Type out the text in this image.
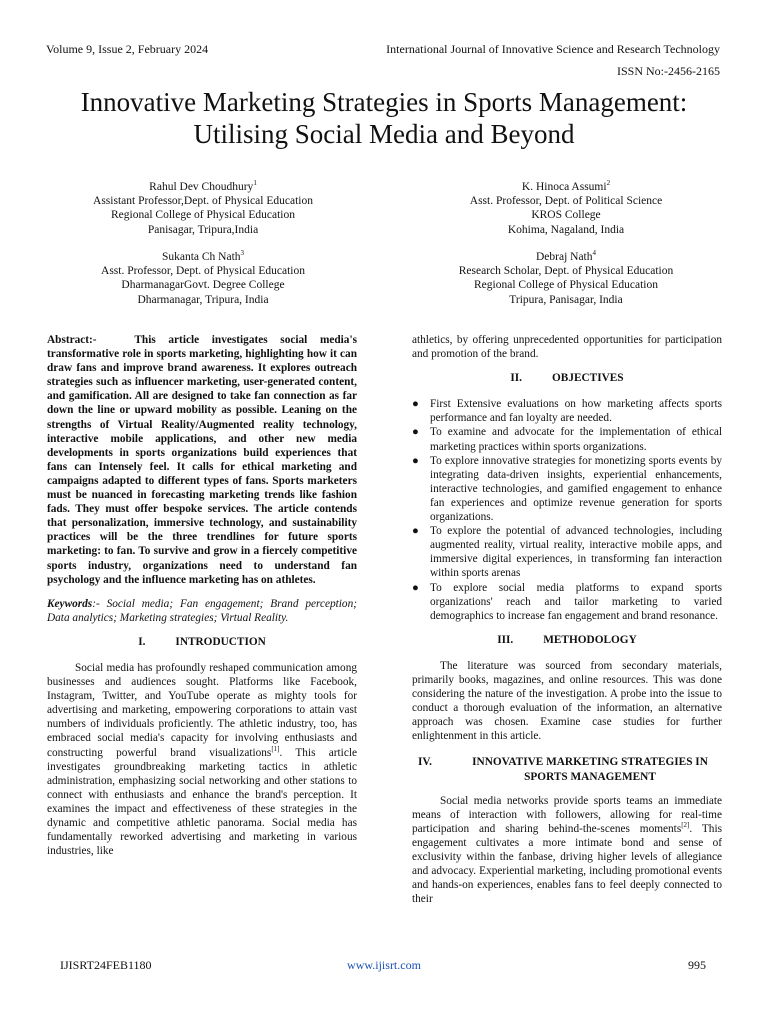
Volume 9, Issue 2, February 2024	International Journal of Innovative Science and Research Technology
ISSN No:-2456-2165
Innovative Marketing Strategies in Sports Management: Utilising Social Media and Beyond
Rahul Dev Choudhury$^1$
Assistant Professor,Dept. of Physical Education
Regional College of Physical Education
Panisagar, Tripura,India
K. Hinoca Assumi$^2$
Asst. Professor, Dept. of Political Science
KROS College
Kohima, Nagaland, India
Sukanta Ch Nath$^3$
Asst. Professor, Dept. of Physical Education
DharmanagarGovt. Degree College
Dharmanagar, Tripura, India
Debraj Nath$^4$
Research Scholar, Dept. of Physical Education
Regional College of Physical Education
Tripura, Panisagar, India

Abstract:-	This article investigates social media's transformative role in sports marketing, highlighting how it can draw fans and improve brand awareness. It explores outreach strategies such as influencer marketing, user-generated content, and gamification. All are designed to take fan connection as far down the line or upward mobility as possible. Leaning on the strengths of Virtual Reality/Augmented reality technology, interactive mobile applications, and other new media developments in sports organizations build experiences that fans can Intensely feel. It calls for ethical marketing and campaigns adapted to different types of fans. Sports marketers must be nuanced in forecasting marketing trends like fashion fads. They must offer bespoke services. The article contends that personalization, immersive technology, and sustainability practices will be the three trendlines for future sports marketing: to fan. To survive and grow in a fiercely competitive sports industry, organizations need to understand fan psychology and the influence marketing has on athletes.

Keywords:- Social media; Fan engagement; Brand perception; Data analytics; Marketing strategies; Virtual Reality.

I.	INTRODUCTION

Social media has profoundly reshaped communication among businesses and audiences sought. Platforms like Facebook, Instagram, Twitter, and YouTube operate as mighty tools for advertising and marketing, empowering corporations to attain vast numbers of individuals proficiently. The athletic industry, too, has embraced social media's capacity for involving enthusiasts and constructing powerful brand visualizations[1]. This article investigates groundbreaking marketing tactics in athletic administration, emphasizing social networking and other stations to connect with enthusiasts and enhance the brand's perception. It examines the impact and effectiveness of these strategies in the dynamic and competitive athletic panorama. Social media has fundamentally reworked advertising and marketing in various industries, like

athletics, by offering unprecedented opportunities for participation and promotion of the brand.

II.	OBJECTIVES
● First Extensive evaluations on how marketing affects sports performance and fan loyalty are needed.
● To examine and advocate for the implementation of ethical marketing practices within sports organizations.
● To explore innovative strategies for monetizing sports events by integrating data-driven insights, experiential enhancements, interactive technologies, and gamified engagement to enhance fan experiences and optimize revenue generation for sports organizations.
● To explore the potential of advanced technologies, including augmented reality, virtual reality, interactive mobile apps, and immersive digital experiences, in transforming fan interaction within sports arenas
● To explore social media platforms to expand sports organizations' reach and tailor marketing to varied demographics to increase fan engagement and brand resonance.
III.	METHODOLOGY

The literature was sourced from secondary materials, primarily books, magazines, and online resources. This was done considering the nature of the investigation. A probe into the issue to conduct a thorough evaluation of the information, an alternative approach was chosen. Examine case studies for further enlightenment in this article.

IV.	INNOVATIVE MARKETING STRATEGIES IN SPORTS MANAGEMENT

Social media networks provide sports teams an immediate means of interaction with followers, allowing for real-time participation and sharing behind-the-scenes moments[2]. This engagement cultivates a more intimate bond and sense of exclusivity within the fanbase, driving higher levels of allegiance and advocacy. Experiential marketing, including promotional events and hands-on experiences, enables fans to feel deeply connected to their

IJISRT24FEB1180	www.ijisrt.com	995
